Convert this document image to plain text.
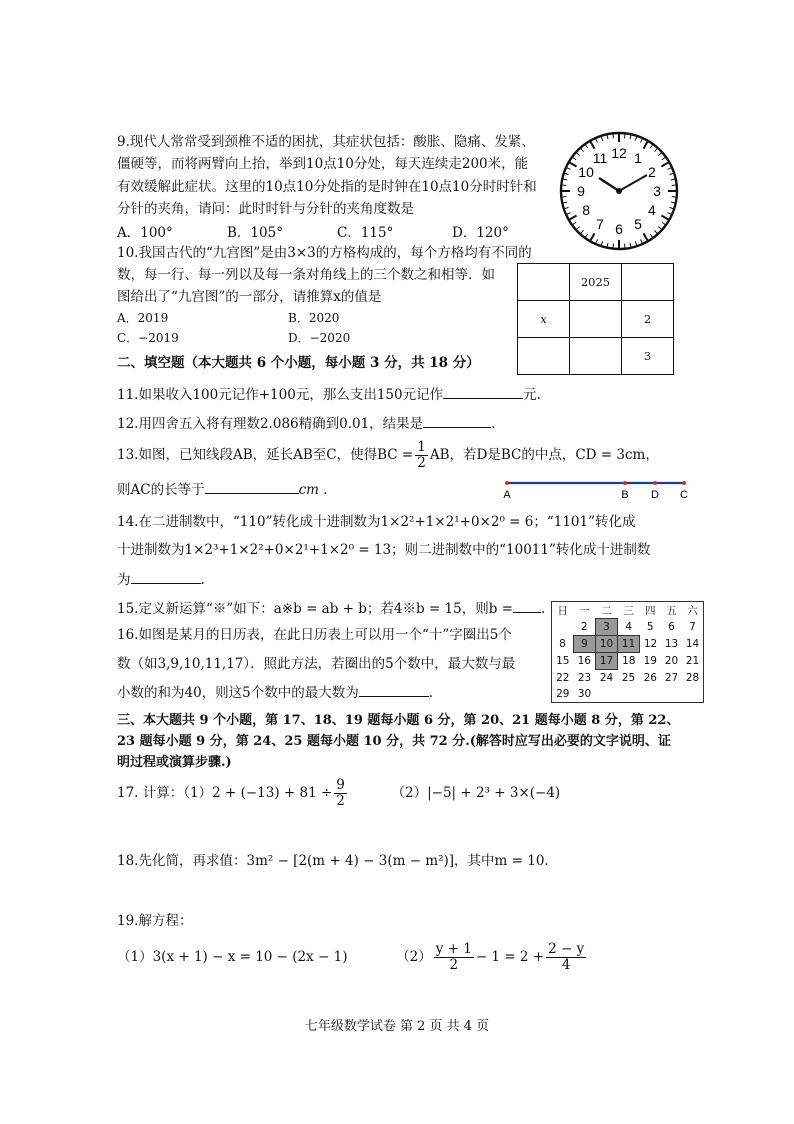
9.现代人常常受到颈椎不适的困扰，其症状包括：酸胀、隐痛、发紧、
僵硬等，而将两臂向上抬，举到10点10分处，每天连续走200米，能
有效缓解此症状。这里的10点10分处指的是时钟在10点10分时时针和
分针的夹角，请问：此时时针与分针的夹角度数是
A．100°	B．105°	C．115°	D．120°
12 1
2
3
4
5
6
7
8
9
10
11
10.我国古代的“九宫图”是由3×3的方格构成的，每个方格均有不同的
数，每一行、每一列以及每一条对角线上的三个数之和相等．如
图给出了“九宫图”的一部分，请推算x的值是
A．2019	B．2020
C．−2019	D．−2020
	2025	
x		2
		3
二、填空题（本大题共 6 个小题，每小题 3 分，共 18 分）
11.如果收入100元记作+100元，那么支出150元记作	元.
12.用四舍五入将有理数2.086精确到0.01，结果是	.
13.如图，已知线段AB，延长AB至C，使得BC = $\frac{1}{2}$ AB，若D是BC的中点，CD = 3cm，
则AC的长等于	cm .	A	B D C
14.在二进制数中，“110”转化成十进制数为1×2²+1×2¹+0×2⁰ = 6；“1101”转化成
十进制数为1×2³+1×2²+0×2¹+1×2⁰ = 13；则二进制数中的“10011”转化成十进制数
为	.
15.定义新运算“※”如下：a※b = ab + b；若4※b = 15，则b = .
16.如图是某月的日历表，在此日历表上可以用一个“十”字圈出5个
数（如3,9,10,11,17）．照此方法，若圈出的5个数中，最大数与最
小数的和为40，则这5个数中的最大数为	.
日	一	二	三	四	五	六
	2	3	4	5	6	7
8	9	10	11	12	13	14
15	16	17	18	19	20	21
22	23	24	25	26	27	28
29	30					
三、本大题共 9 个小题，第 17、18、19 题每小题 6 分，第 20、21 题每小题 8 分，第 22、
23 题每小题 9 分，第 24、25 题每小题 10 分，共 72 分.(解答时应写出必要的文字说明、证
明过程或演算步骤.)
17. 计算：$(1)2 + (-13) + 81 \div \frac{9}{2}$	（2）|−5| + 2³ + 3×(−4)
18.先化简，再求值：3m² − [2(m + 4) − 3(m − m²)]，其中m = 10.
19.解方程：
（1）3(x + 1) − x = 10 − (2x − 1)	$(2) \frac{y + 1}{2} - 1 = 2 + \frac{2 - y}{4}$
七年级数学试卷 第 2 页 共 4 页
